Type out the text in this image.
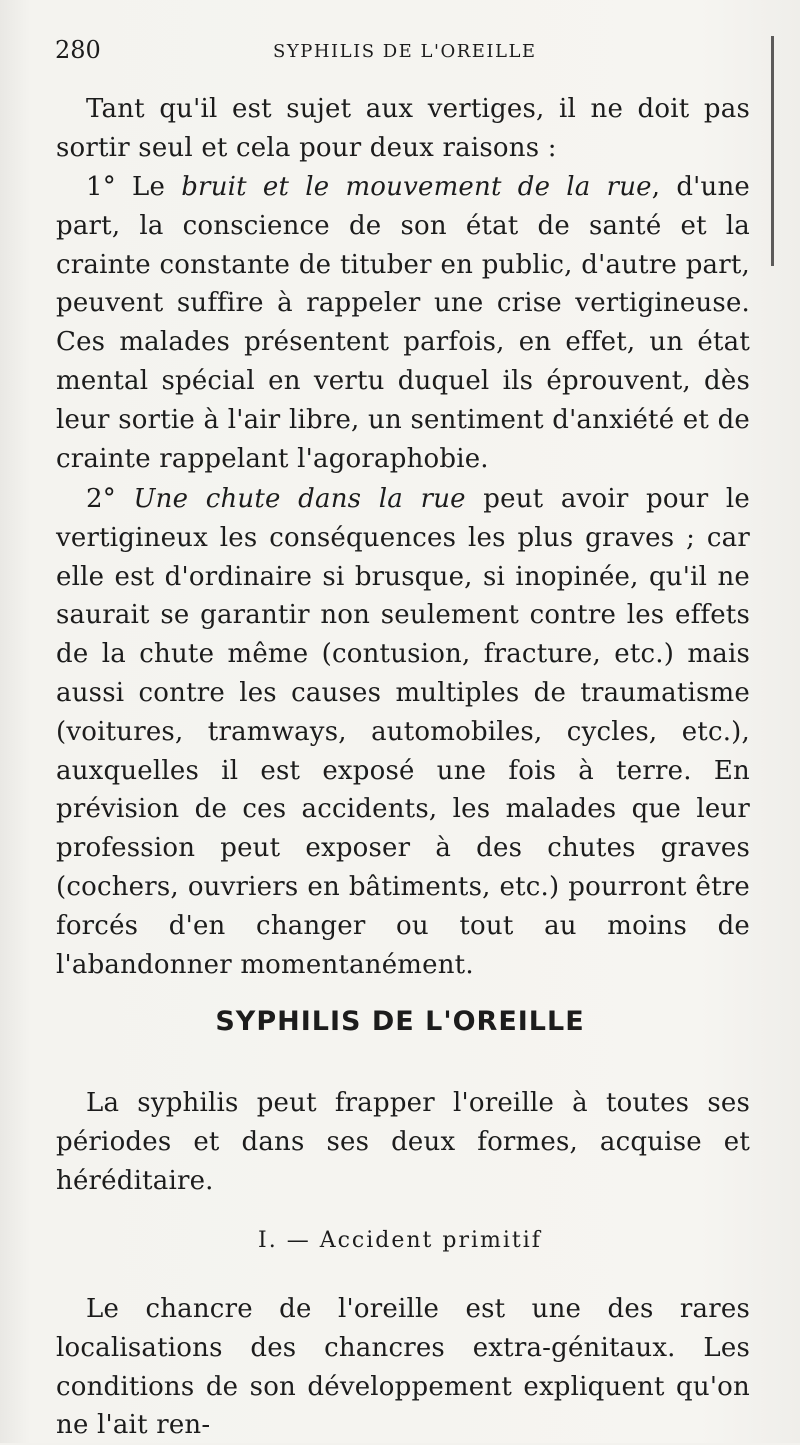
280	SYPHILIS DE L'OREILLE

Tant qu'il est sujet aux vertiges, il ne doit pas sortir seul et cela pour deux raisons :

1° Le bruit et le mouvement de la rue, d'une part, la conscience de son état de santé et la crainte constante de tituber en public, d'autre part, peuvent suffire à rappeler une crise vertigineuse. Ces malades présentent parfois, en effet, un état mental spécial en vertu duquel ils éprouvent, dès leur sortie à l'air libre, un sentiment d'anxiété et de crainte rappelant l'agoraphobie.

2° Une chute dans la rue peut avoir pour le vertigineux les conséquences les plus graves ; car elle est d'ordinaire si brusque, si inopinée, qu'il ne saurait se garantir non seulement contre les effets de la chute même (contusion, fracture, etc.) mais aussi contre les causes multiples de traumatisme (voitures, tramways, automobiles, cycles, etc.), auxquelles il est exposé une fois à terre. En prévision de ces accidents, les malades que leur profession peut exposer à des chutes graves (cochers, ouvriers en bâtiments, etc.) pourront être forcés d'en changer ou tout au moins de l'abandonner momentanément.

SYPHILIS DE L'OREILLE

La syphilis peut frapper l'oreille à toutes ses périodes et dans ses deux formes, acquise et héréditaire.

I. — Accident primitif

Le chancre de l'oreille est une des rares localisations des chancres extra-génitaux. Les conditions de son développement expliquent qu'on ne l'ait ren-
